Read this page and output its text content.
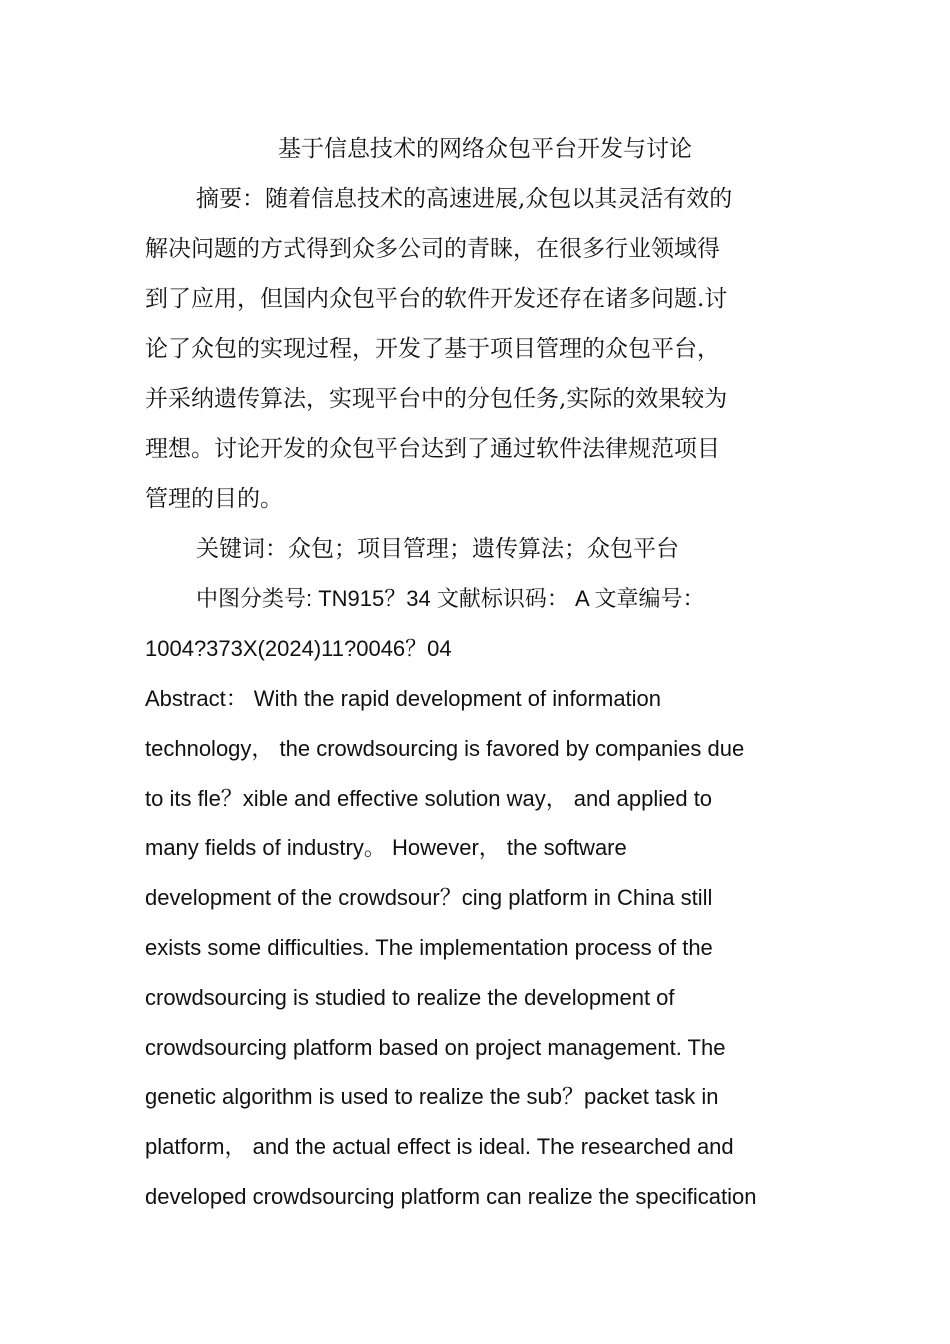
基于信息技术的网络众包平台开发与讨论
摘要：随着信息技术的高速进展,众包以其灵活有效的
解决问题的方式得到众多公司的青睐，在很多行业领域得
到了应用，但国内众包平台的软件开发还存在诸多问题.讨
论了众包的实现过程，开发了基于项目管理的众包平台，
并采纳遗传算法，实现平台中的分包任务,实际的效果较为
理想。讨论开发的众包平台达到了通过软件法律规范项目
管理的目的。
关键词：众包；项目管理；遗传算法；众包平台
中图分类号: TN915？34 文献标识码： A 文章编号：
1004?373X(2024)11?0046？04
Abstract： With the rapid development of information
technology， the crowdsourcing is favored by companies due
to its fle？xible and effective solution way， and applied to
many fields of industry。 However， the software
development of the crowdsour？cing platform in China still
exists some difficulties. The implementation process of the
crowdsourcing is studied to realize the development of
crowdsourcing platform based on project management. The
genetic algorithm is used to realize the sub？packet task in
platform， and the actual effect is ideal. The researched and
developed crowdsourcing platform can realize the specification
